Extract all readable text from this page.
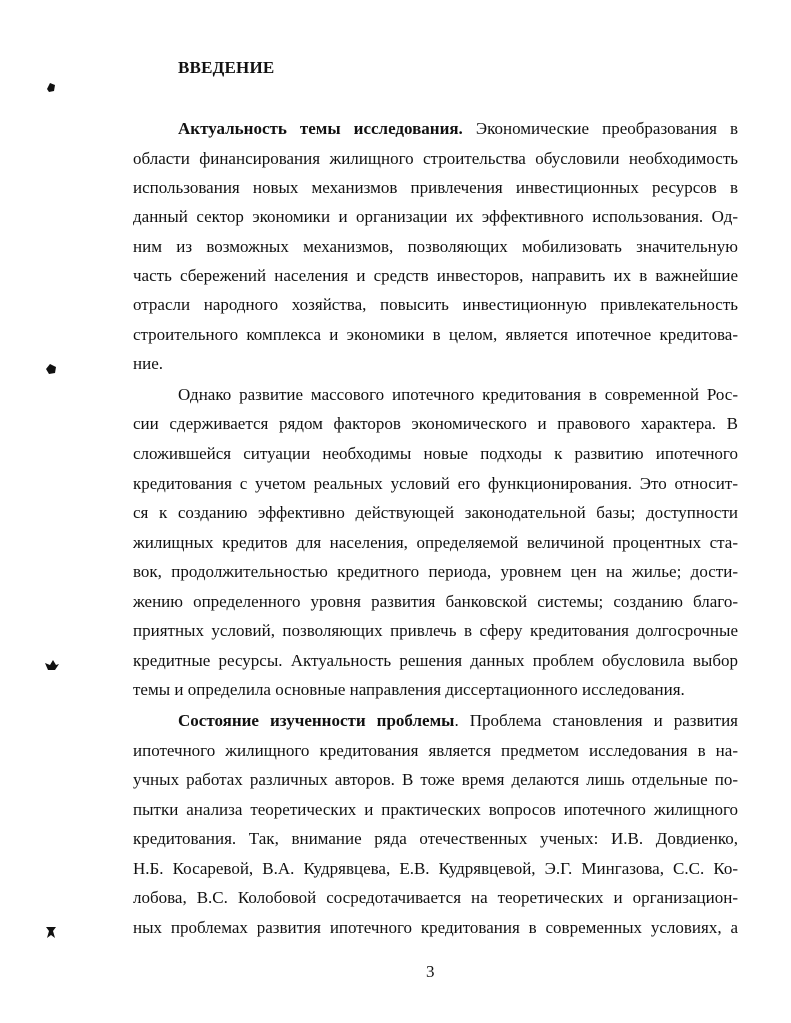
ВВЕДЕНИЕ
Актуальность темы исследования. Экономические преобразования в
области финансирования жилищного строительства обусловили необходимость
использования новых механизмов привлечения инвестиционных ресурсов в
данный сектор экономики и организации их эффективного использования. Од-
ним из возможных механизмов, позволяющих мобилизовать значительную
часть сбережений населения и средств инвесторов, направить их в важнейшие
отрасли народного хозяйства, повысить инвестиционную привлекательность
строительного комплекса и экономики в целом, является ипотечное кредитова-
ние.
Однако развитие массового ипотечного кредитования в современной Рос-
сии сдерживается рядом факторов экономического и правового характера. В
сложившейся ситуации необходимы новые подходы к развитию ипотечного
кредитования с учетом реальных условий его функционирования. Это относит-
ся к созданию эффективно действующей законодательной базы; доступности
жилищных кредитов для населения, определяемой величиной процентных ста-
вок, продолжительностью кредитного периода, уровнем цен на жилье; дости-
жению определенного уровня развития банковской системы; созданию благо-
приятных условий, позволяющих привлечь в сферу кредитования долгосрочные
кредитные ресурсы. Актуальность решения данных проблем обусловила выбор
темы и определила основные направления диссертационного исследования.
Состояние изученности проблемы. Проблема становления и развития
ипотечного жилищного кредитования является предметом исследования в на-
учных работах различных авторов. В тоже время делаются лишь отдельные по-
пытки анализа теоретических и практических вопросов ипотечного жилищного
кредитования. Так, внимание ряда отечественных ученых: И.В. Довдиенко,
Н.Б. Косаревой, В.А. Кудрявцева, Е.В. Кудрявцевой, Э.Г. Мингазова, С.С. Ко-
лобова, В.С. Колобовой сосредотачивается на теоретических и организацион-
ных проблемах развития ипотечного кредитования в современных условиях, а
3
